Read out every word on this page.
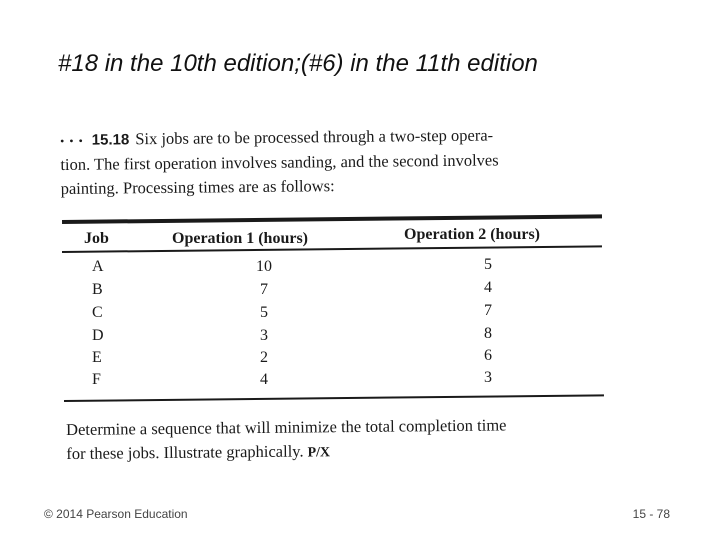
#18 in the 10th edition;(#6) in the 11th edition
• • • 15.18 Six jobs are to be processed through a two-step opera-
tion. The first operation involves sanding, and the second involves
painting. Processing times are as follows:
Job	Operation 1 (hours)	Operation 2 (hours)
A	10	5
B	7	4
C	5	7
D	3	8
E	2	6
F	4	3
Determine a sequence that will minimize the total completion time
for these jobs. Illustrate graphically. P/X
© 2014 Pearson Education	15 - 78
